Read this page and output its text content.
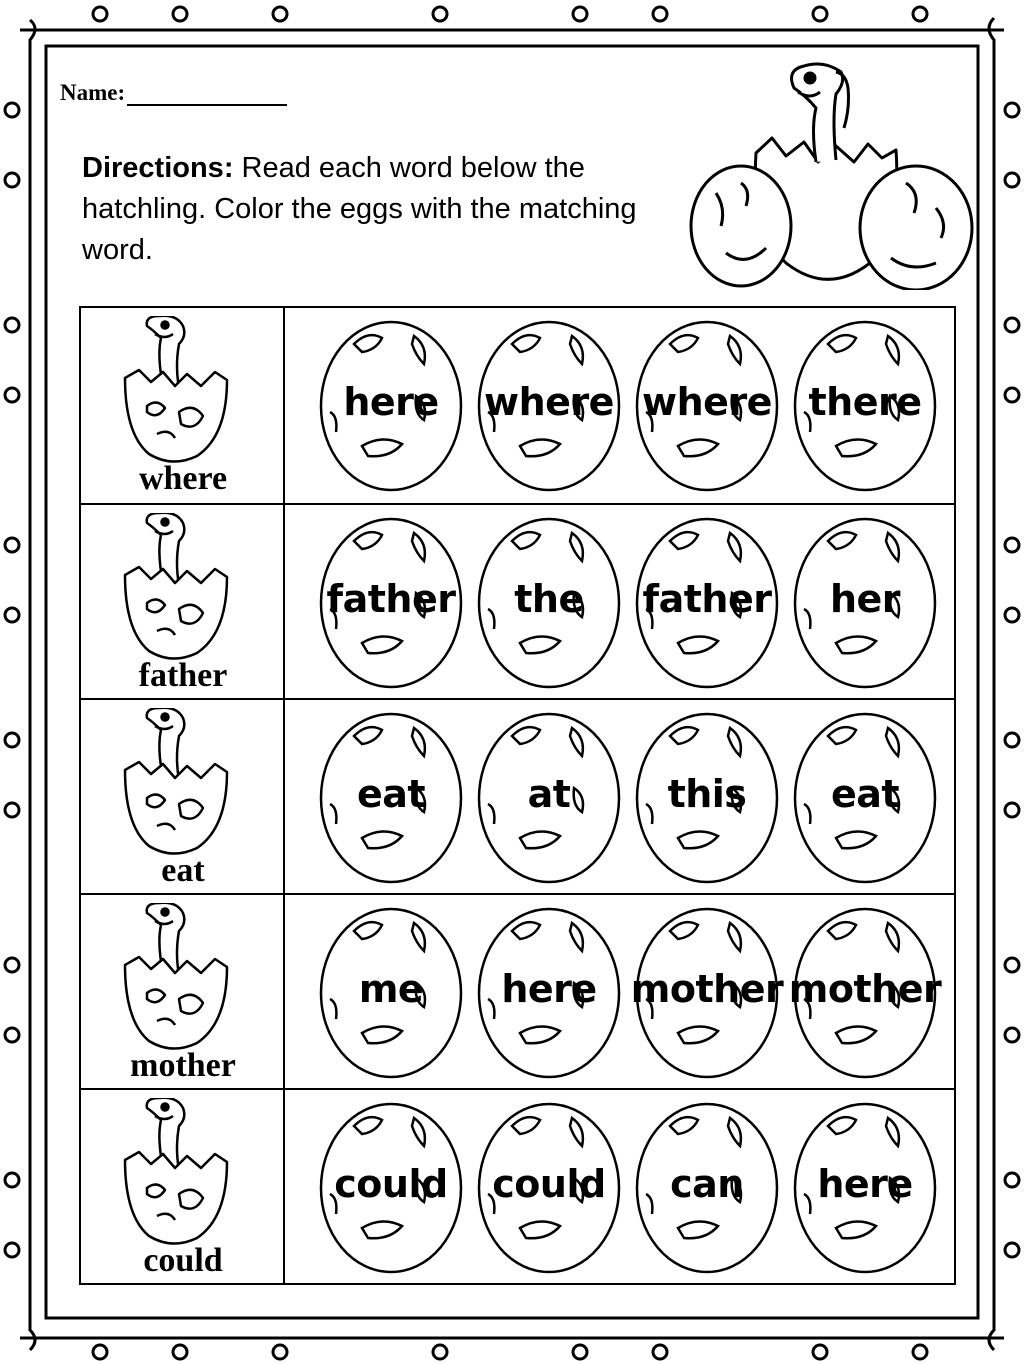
Name:
Directions: Read each word below the hatchling. Color the eggs with the matching word.
where
here	where where there
father
father	the	father	her
eat
eat	at	this	eat
mother
me	here mother mother
could
could	could	can	here
